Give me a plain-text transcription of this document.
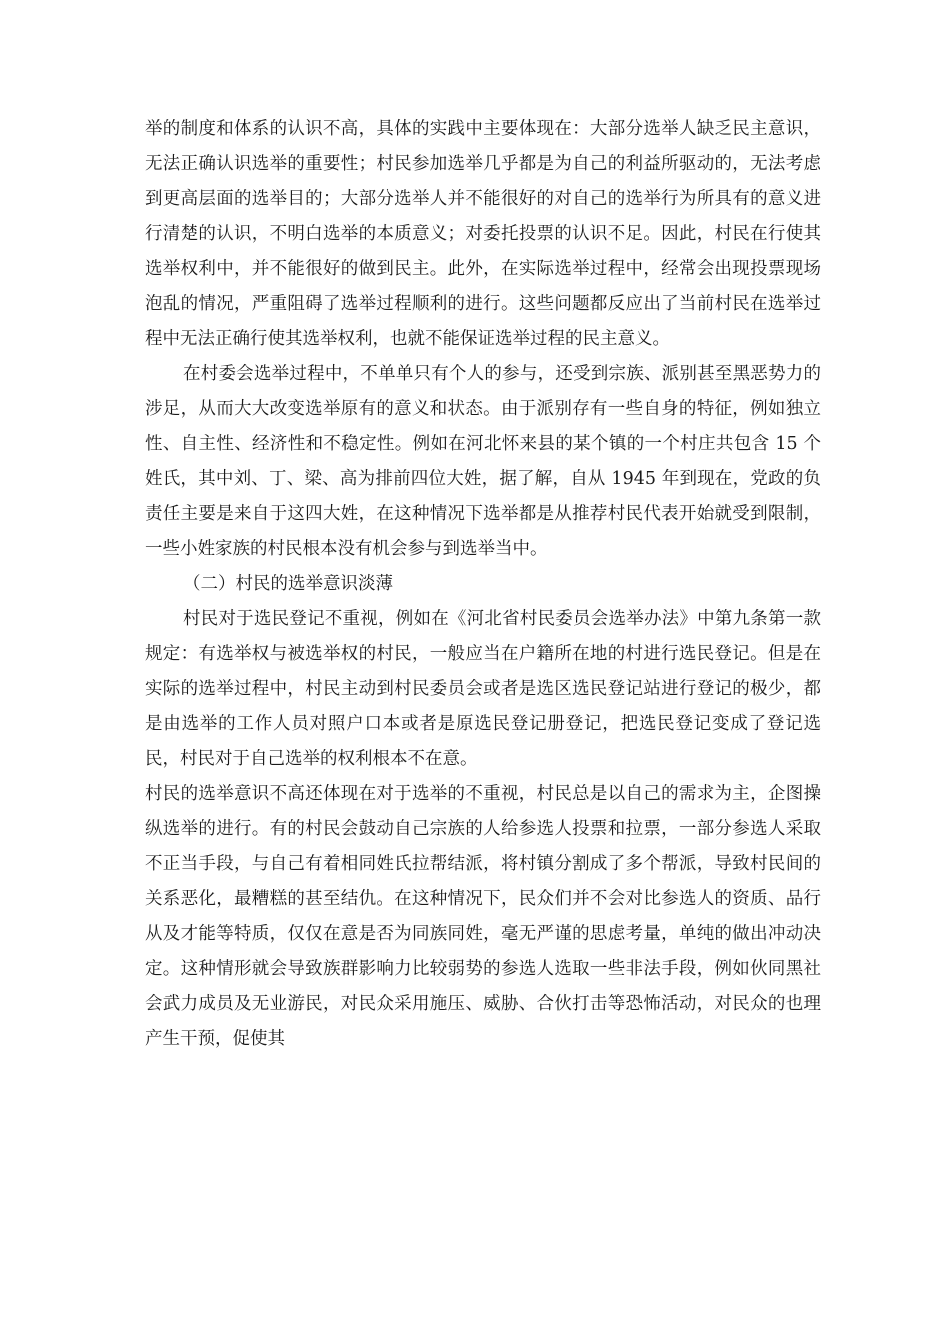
举的制度和体系的认识不高，具体的实践中主要体现在：大部分选举人缺乏民主意识，无法正确认识选举的重要性；村民参加选举几乎都是为自己的利益所驱动的，无法考虑到更高层面的选举目的；大部分选举人并不能很好的对自己的选举行为所具有的意义进行清楚的认识，不明白选举的本质意义；对委托投票的认识不足。因此，村民在行使其选举权利中，并不能很好的做到民主。此外，在实际选举过程中，经常会出现投票现场泡乱的情况，严重阻碍了选举过程顺利的进行。这些问题都反应出了当前村民在选举过程中无法正确行使其选举权利，也就不能保证选举过程的民主意义。

在村委会选举过程中，不单单只有个人的参与，还受到宗族、派别甚至黑恶势力的涉足，从而大大改变选举原有的意义和状态。由于派别存有一些自身的特征，例如独立性、自主性、经济性和不稳定性。例如在河北怀来县的某个镇的一个村庄共包含 15 个姓氏，其中刘、丁、梁、高为排前四位大姓，据了解，自从 1945 年到现在，党政的负责任主要是来自于这四大姓，在这种情况下选举都是从推荐村民代表开始就受到限制，一些小姓家族的村民根本没有机会参与到选举当中。

（二）村民的选举意识淡薄

村民对于选民登记不重视，例如在《河北省村民委员会选举办法》中第九条第一款规定：有选举权与被选举权的村民，一般应当在户籍所在地的村进行选民登记。但是在实际的选举过程中，村民主动到村民委员会或者是选区选民登记站进行登记的极少，都是由选举的工作人员对照户口本或者是原选民登记册登记，把选民登记变成了登记选民，村民对于自己选举的权利根本不在意。

村民的选举意识不高还体现在对于选举的不重视，村民总是以自己的需求为主，企图操纵选举的进行。有的村民会鼓动自己宗族的人给参选人投票和拉票，一部分参选人采取不正当手段，与自己有着相同姓氏拉帮结派，将村镇分割成了多个帮派，导致村民间的关系恶化，最糟糕的甚至结仇。在这种情况下，民众们并不会对比参选人的资质、品行从及才能等特质，仅仅在意是否为同族同姓，毫无严谨的思虑考量，单纯的做出冲动决定。这种情形就会导致族群影响力比较弱势的参选人选取一些非法手段，例如伙同黑社会武力成员及无业游民，对民众采用施压、威胁、合伙打击等恐怖活动，对民众的也理产生干预，促使其
